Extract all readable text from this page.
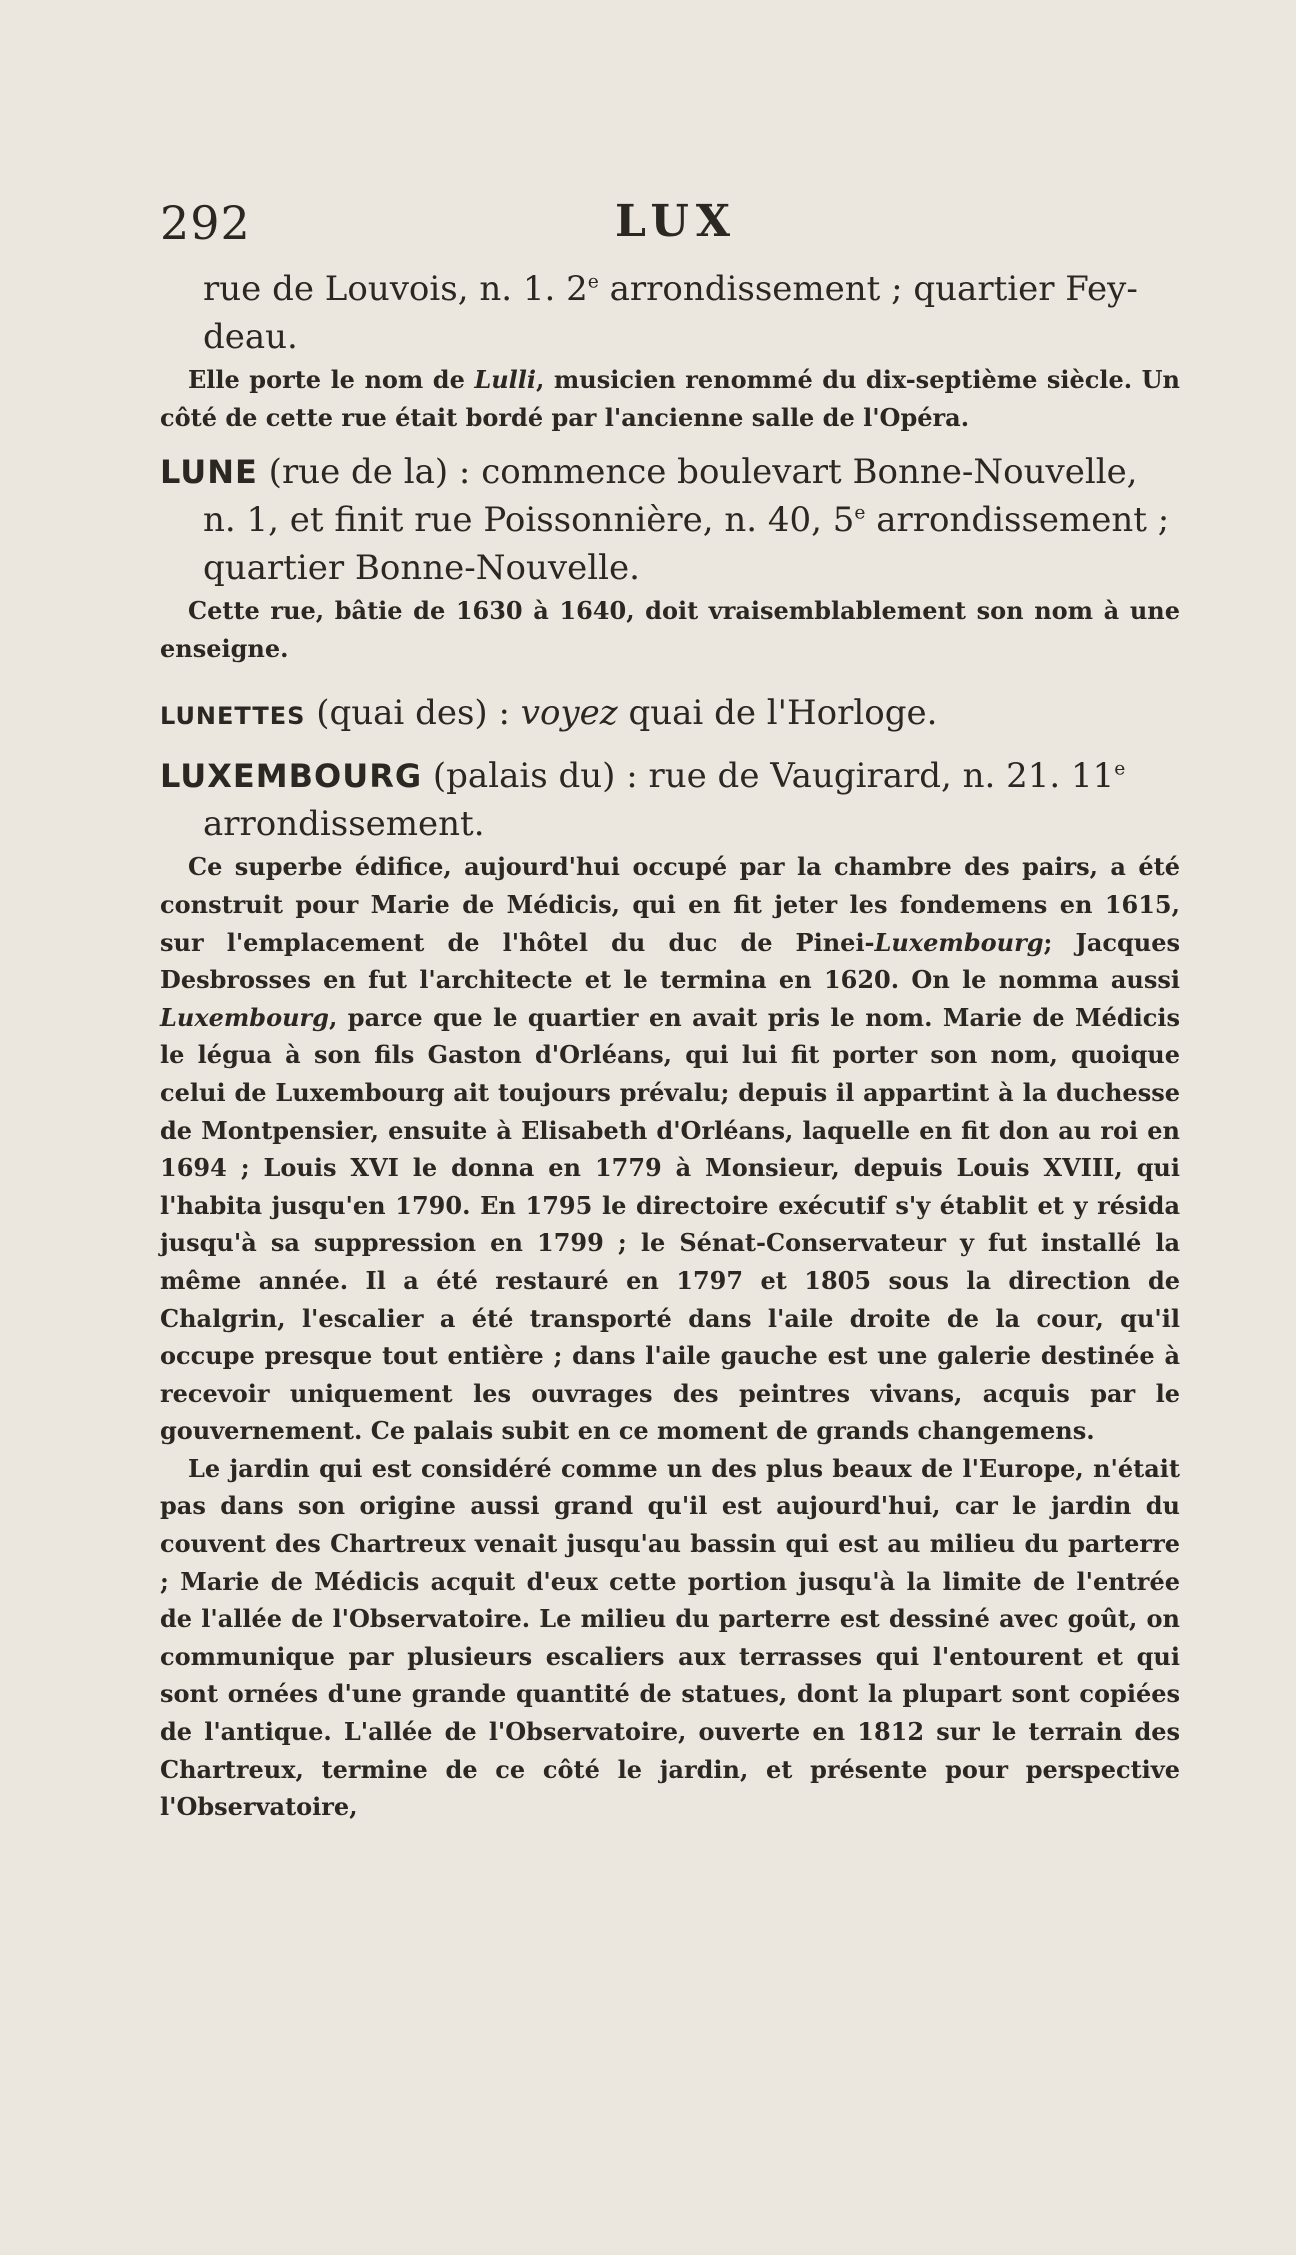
292	LUX

rue de Louvois, n. 1. 2e arrondissement ; quartier Fey-
deau.

Elle porte le nom de Lulli, musicien renommé du dix-septième siècle. Un côté de cette rue était bordé par l'ancienne salle de l'Opéra.

LUNE (rue de la) : commence boulevart Bonne-Nouvelle, n. 1, et finit rue Poissonnière, n. 40, 5e arrondissement ; quartier Bonne-Nouvelle.

Cette rue, bâtie de 1630 à 1640, doit vraisemblablement son nom à une enseigne.

LUNETTES (quai des) : voyez quai de l'Horloge.

LUXEMBOURG (palais du) : rue de Vaugirard, n. 21. 11e arrondissement.

Ce superbe édifice, aujourd'hui occupé par la chambre des pairs, a été construit pour Marie de Médicis, qui en fit jeter les fondemens en 1615, sur l'emplacement de l'hôtel du duc de Pinei-Luxembourg; Jacques Desbrosses en fut l'architecte et le termina en 1620. On le nomma aussi Luxembourg, parce que le quartier en avait pris le nom. Marie de Médicis le légua à son fils Gaston d'Orléans, qui lui fit porter son nom, quoique celui de Luxembourg ait toujours prévalu; depuis il appartint à la duchesse de Montpensier, ensuite à Elisabeth d'Orléans, laquelle en fit don au roi en 1694 ; Louis XVI le donna en 1779 à Monsieur, depuis Louis XVIII, qui l'habita jusqu'en 1790. En 1795 le directoire exécutif s'y établit et y résida jusqu'à sa suppression en 1799 ; le Sénat-Conservateur y fut installé la même année. Il a été restauré en 1797 et 1805 sous la direction de Chalgrin, l'escalier a été transporté dans l'aile droite de la cour, qu'il occupe presque tout entière ; dans l'aile gauche est une galerie destinée à recevoir uniquement les ouvrages des peintres vivans, acquis par le gouvernement. Ce palais subit en ce moment de grands changemens.

Le jardin qui est considéré comme un des plus beaux de l'Europe, n'était pas dans son origine aussi grand qu'il est aujourd'hui, car le jardin du couvent des Chartreux venait jusqu'au bassin qui est au milieu du parterre ; Marie de Médicis acquit d'eux cette portion jusqu'à la limite de l'entrée de l'allée de l'Observatoire. Le milieu du parterre est dessiné avec goût, on communique par plusieurs escaliers aux terrasses qui l'entourent et qui sont ornées d'une grande quantité de statues, dont la plupart sont copiées de l'antique. L'allée de l'Observatoire, ouverte en 1812 sur le terrain des Chartreux, termine de ce côté le jardin, et présente pour perspective l'Observatoire,
